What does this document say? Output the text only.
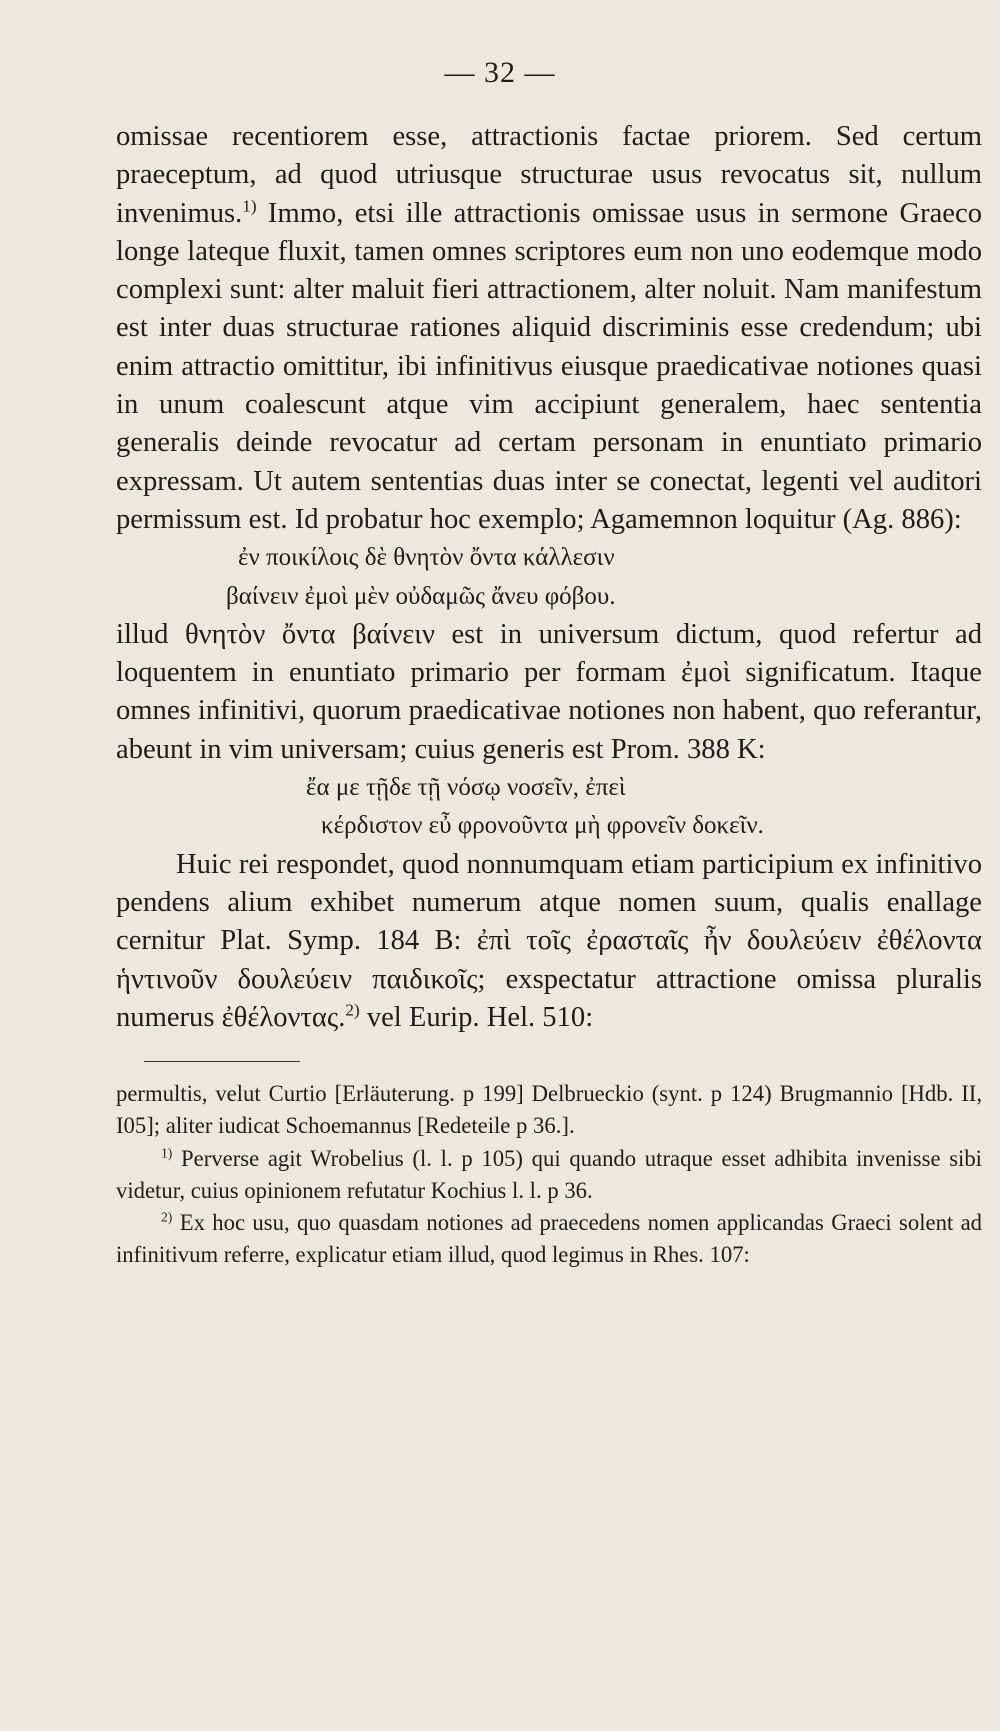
— 32 —

omissae recentiorem esse, attractionis factae priorem. Sed certum praeceptum, ad quod utriusque structurae usus revocatus sit, nullum invenimus.$^{1)}$ Immo, etsi ille attractionis omissae usus in sermone Graeco longe lateque fluxit, tamen omnes scriptores eum non uno eodemque modo complexi sunt: alter maluit fieri attractionem, alter noluit. Nam manifestum est inter duas structurae rationes aliquid discriminis esse credendum; ubi enim attractio omittitur, ibi infinitivus eiusque praedicativae notiones quasi in unum coalescunt atque vim accipiunt generalem, haec sententia generalis deinde revocatur ad certam personam in enuntiato primario expressam. Ut autem sententias duas inter se conectat, legenti vel auditori permissum est. Id probatur hoc exemplo; Agamemnon loquitur (Ag. 886):

ἐν ποικίλοις δὲ θνητὸν ὄντα κάλλεσιν
βαίνειν ἐμοὶ μὲν οὐδαμῶς ἄνευ φόβου.

illud θνητὸν ὄντα βαίνειν est in universum dictum, quod refertur ad loquentem in enuntiato primario per formam ἐμοὶ significatum. Itaque omnes infinitivi, quorum praedicativae notiones non habent, quo referantur, abeunt in vim universam; cuius generis est Prom. 388 K:

ἔα με τῇδε τῇ νόσῳ νοσεῖν, ἐπεὶ
κέρδιστον εὖ φρονοῦντα μὴ φρονεῖν δοκεῖν.

Huic rei respondet, quod nonnumquam etiam participium ex infinitivo pendens alium exhibet numerum atque nomen suum, qualis enallage cernitur Plat. Symp. 184 B: ἐπὶ τοῖς ἐρασταῖς ἦν δουλεύειν ἐθέλοντα ἡντινοῦν δουλεύειν παιδικοῖς; exspectatur attractione omissa pluralis numerus ἐθέλοντας.$^{2)}$ vel Eurip. Hel. 510:

permultis, velut Curtio [Erläuterung. p 199] Delbrueckio (synt. p 124) Brugmannio [Hdb. II, I05]; aliter iudicat Schoemannus [Redeteile p 36.].

$^{1)}$ Perverse agit Wrobelius (l. l. p 105) qui quando utraque esset adhibita invenisse sibi videtur, cuius opinionem refutatur Kochius l. l. p 36.

$^{2)}$ Ex hoc usu, quo quasdam notiones ad praecedens nomen applicandas Graeci solent ad infinitivum referre, explicatur etiam illud, quod legimus in Rhes. 107:
